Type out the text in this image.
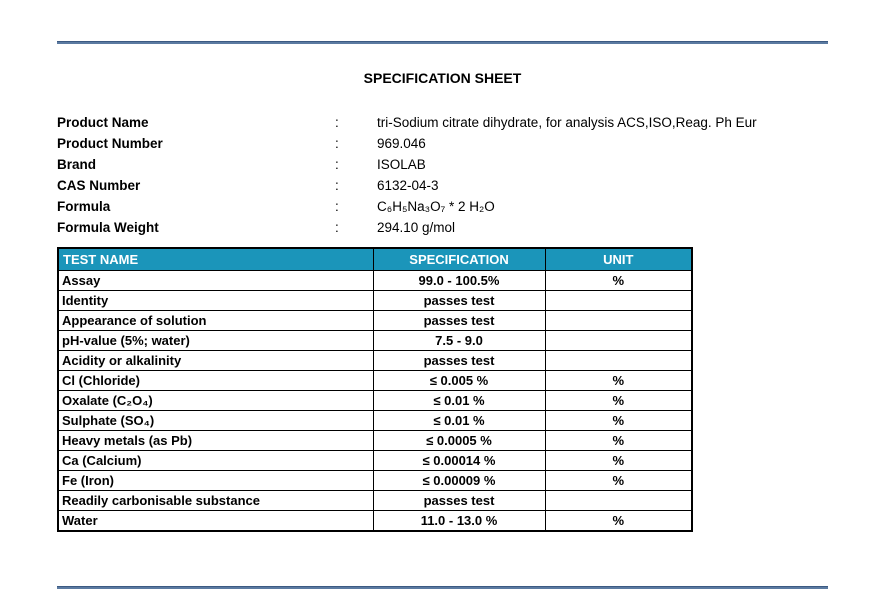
SPECIFICATION SHEET
Product Name	:	tri-Sodium citrate dihydrate, for analysis ACS,ISO,Reag. Ph Eur
Product Number	:	969.046
Brand	:	ISOLAB
CAS Number	:	6132-04-3
Formula	:	C₆H₅Na₃O₇ * 2 H₂O
Formula Weight	:	294.10 g/mol
TEST NAME	SPECIFICATION	UNIT
Assay	99.0 - 100.5%	%
Identity	passes test	
Appearance of solution	passes test	
pH-value (5%; water)	7.5 - 9.0	
Acidity or alkalinity	passes test	
Cl (Chloride)	≤ 0.005 %	%
Oxalate (C₂O₄)	≤ 0.01 %	%
Sulphate (SO₄)	≤ 0.01 %	%
Heavy metals (as Pb)	≤ 0.0005 %	%
Ca (Calcium)	≤ 0.00014 %	%
Fe (Iron)	≤ 0.00009 %	%
Readily carbonisable substance	passes test	
Water	11.0 - 13.0 %	%
